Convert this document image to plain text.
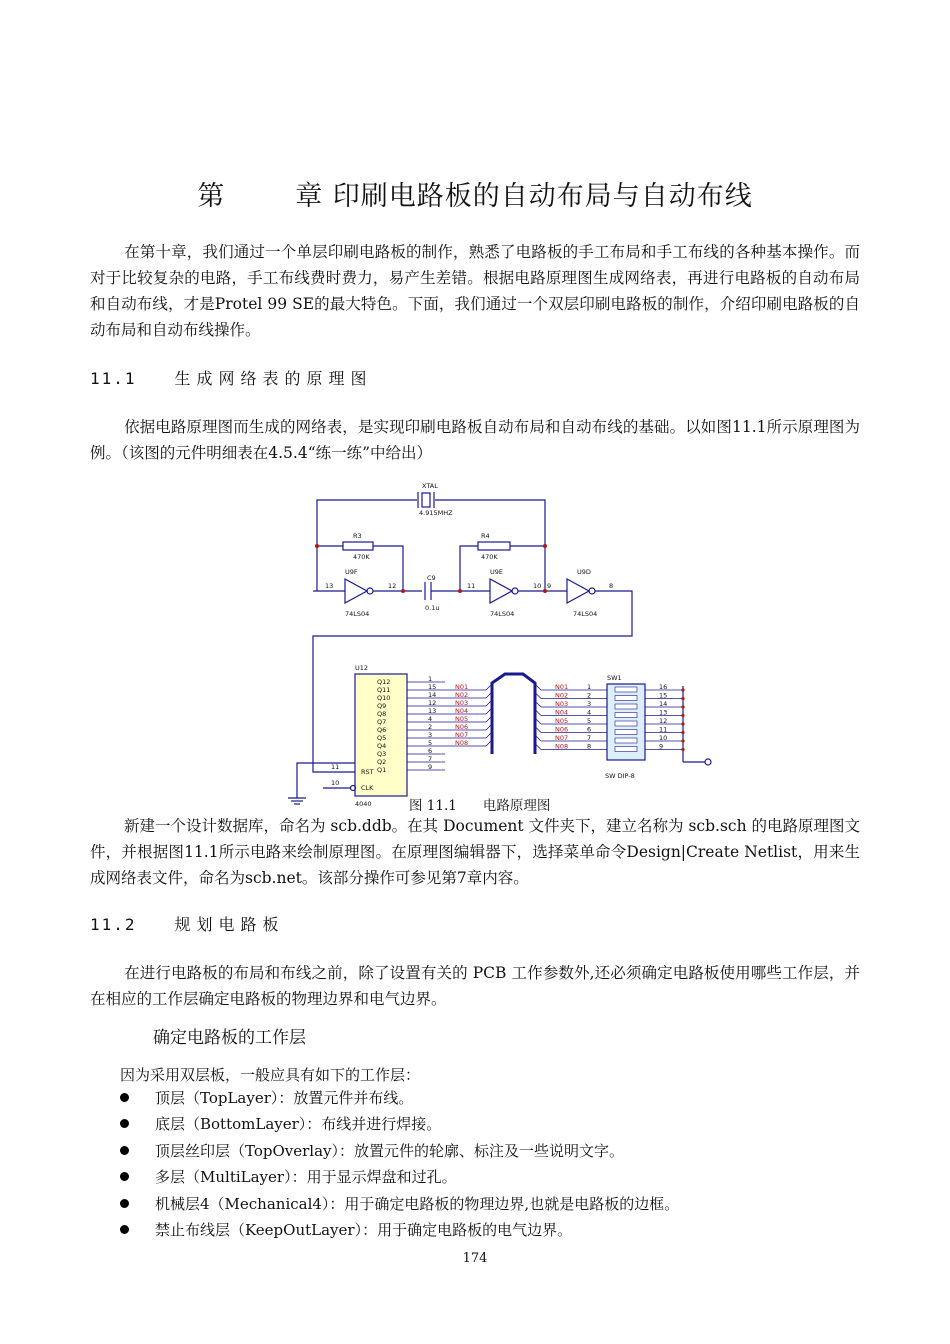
第	章 印刷电路板的自动布局与自动布线
在第十章，我们通过一个单层印刷电路板的制作，熟悉了电路板的手工布局和手工布线的各种基本操作。而对于比较复杂的电路，手工布线费时费力，易产生差错。根据电路原理图生成网络表，再进行电路板的自动布局和自动布线，才是Protel 99 SE的最大特色。下面，我们通过一个双层印刷电路板的制作，介绍印刷电路板的自动布局和自动布线操作。
11.1 生成网络表的原理图
依据电路原理图而生成的网络表，是实现印刷电路板自动布局和自动布线的基础。以如图11.1所示原理图为例。（该图的元件明细表在4.5.4“练一练”中给出）
Q12	1
Q11	15	N01
Q10	14	N02
Q9	12	N03
Q8	13	N04
Q7	4	N05
Q6	2	N06
Q5	3	N07
Q4	5	N08
Q3	6
Q2	7
Q1	9
N01	1	16
N02	2	15
N03	3	14
N04	4	13
N05	5	12
N06	6	11
N07	7	10
N08	8	9
XTAL
4.915MHZ
R3
470K
R4
470K
U9F
74LS04
U9E
74LS04
U9D
74LS04
C9
0.1u
13	12	11	10 9	8
U12
4040
RST
CLK
11
10
SW1
SW DIP-8
图 11.1 电路原理图
新建一个设计数据库，命名为 scb.ddb。在其 Document 文件夹下，建立名称为 scb.sch 的电路原理图文件，并根据图11.1所示电路来绘制原理图。在原理图编辑器下，选择菜单命令Design|Create Netlist，用来生成网络表文件，命名为scb.net。该部分操作可参见第7章内容。
11.2 规划电路板
在进行电路板的布局和布线之前，除了设置有关的 PCB 工作参数外,还必须确定电路板使用哪些工作层，并在相应的工作层确定电路板的物理边界和电气边界。
确定电路板的工作层
因为采用双层板，一般应具有如下的工作层：
顶层（TopLayer）：放置元件并布线。
底层（BottomLayer）：布线并进行焊接。
顶层丝印层（TopOverlay）：放置元件的轮廓、标注及一些说明文字。
多层（MultiLayer）：用于显示焊盘和过孔。
机械层4（Mechanical4）：用于确定电路板的物理边界,也就是电路板的边框。
禁止布线层（KeepOutLayer）：用于确定电路板的电气边界。
174
